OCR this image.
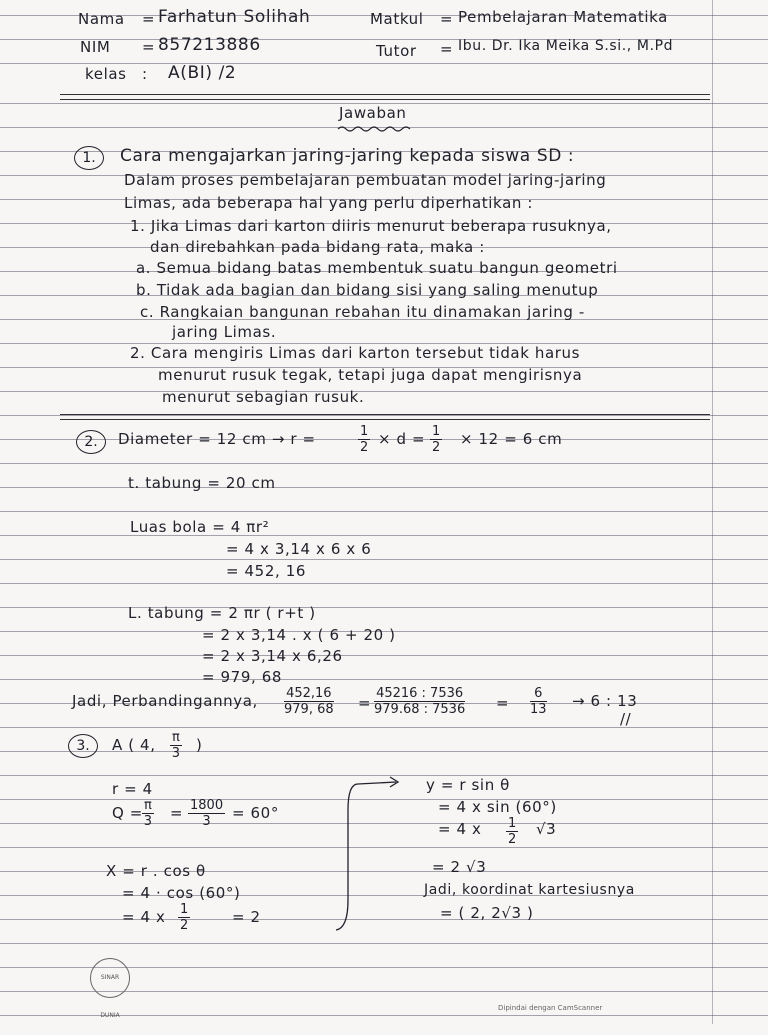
Nama = Farhatun Solihah
NIM = 857213886
kelas : A(BI) /2
Matkul = Pembelajaran Matematika
Tutor = Ibu. Dr. Ika Meika S.si., M.Pd
Jawaban
1.	Cara mengajarkan jaring-jaring kepada siswa SD :
Dalam proses pembelajaran pembuatan model jaring-jaring
Limas, ada beberapa hal yang perlu diperhatikan :
1. Jika Limas dari karton diiris menurut beberapa rusuknya,
dan direbahkan pada bidang rata, maka :
a. Semua bidang batas membentuk suatu bangun geometri
b. Tidak ada bagian dan bidang sisi yang saling menutup
c. Rangkaian bangunan rebahan itu dinamakan jaring -
jaring Limas.
2. Cara mengiris Limas dari karton tersebut tidak harus
menurut rusuk tegak, tetapi juga dapat mengirisnya
menurut sebagian rusuk.
2.	Diameter = 12 cm → r =	$\frac{1}{2} \times d = \frac{1}{2} \times 12 = 6$ cm
t. tabung = 20 cm
Luas bola = 4 πr²
= 4 x 3,14 x 6 x 6
= 452, 16
L. tabung = 2 πr ( r+t )
= 2 x 3,14 . x ( 6 + 20 )
= 2 x 3,14 x 6,26
= 979, 68
Jadi, Perbandingannya, $\frac{452,16}{979, 68} = \frac{45216 : 7536}{979.68 : 7536} = \frac{6}{13} \to 6$ : 13
//
3.	A ( 4, $\frac{\pi}{3}$ )
r = 4
$Q = \frac{\pi}{3} = \frac{1800}{3} = 60^\circ$
X = r . cos θ
= 4 · cos (60°)
= 4 x $\frac{1}{2}$	= 2
y = r sin θ
= 4 x sin (60°)
= 4 x $\frac{1}{2} √3$
= 2 √3
Jadi, koordinat kartesiusnya
= ( 2, 2√3 )
SINAR DUNIA
Dipindai dengan CamScanner
